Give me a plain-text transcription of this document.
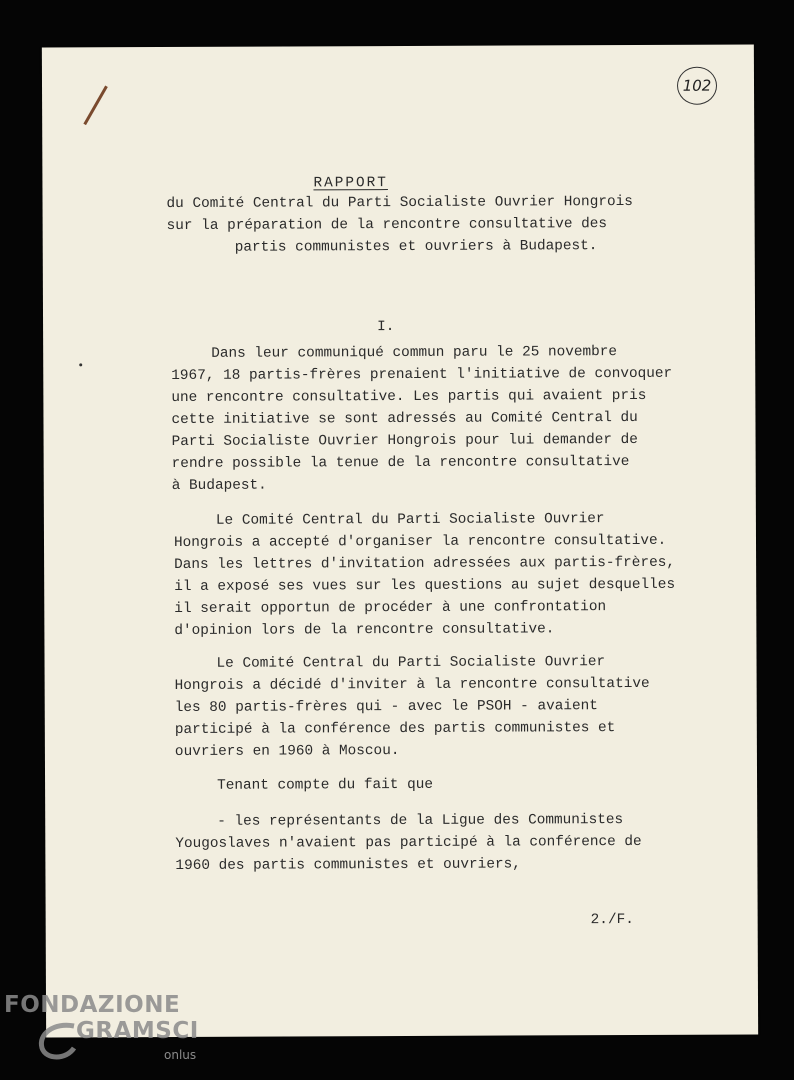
102
RAPPORT
du Comité Central du Parti Socialiste Ouvrier Hongrois
sur la préparation de la rencontre consultative des
partis communistes et ouvriers à Budapest.
I.
Dans leur communiqué commun paru le 25 novembre
1967, 18 partis-frères prenaient l'initiative de convoquer
une rencontre consultative. Les partis qui avaient pris
cette initiative se sont adressés au Comité Central du
Parti Socialiste Ouvrier Hongrois pour lui demander de
rendre possible la tenue de la rencontre consultative
à Budapest.
Le Comité Central du Parti Socialiste Ouvrier
Hongrois a accepté d'organiser la rencontre consultative.
Dans les lettres d'invitation adressées aux partis-frères,
il a exposé ses vues sur les questions au sujet desquelles
il serait opportun de procéder à une confrontation
d'opinion lors de la rencontre consultative.
Le Comité Central du Parti Socialiste Ouvrier
Hongrois a décidé d'inviter à la rencontre consultative
les 80 partis-frères qui - avec le PSOH - avaient
participé à la conférence des partis communistes et
ouvriers en 1960 à Moscou.
Tenant compte du fait que
- les représentants de la Ligue des Communistes
Yougoslaves n'avaient pas participé à la conférence de
1960 des partis communistes et ouvriers,
2./F.
FONDAZIONE
GRAMSCI
onlus
